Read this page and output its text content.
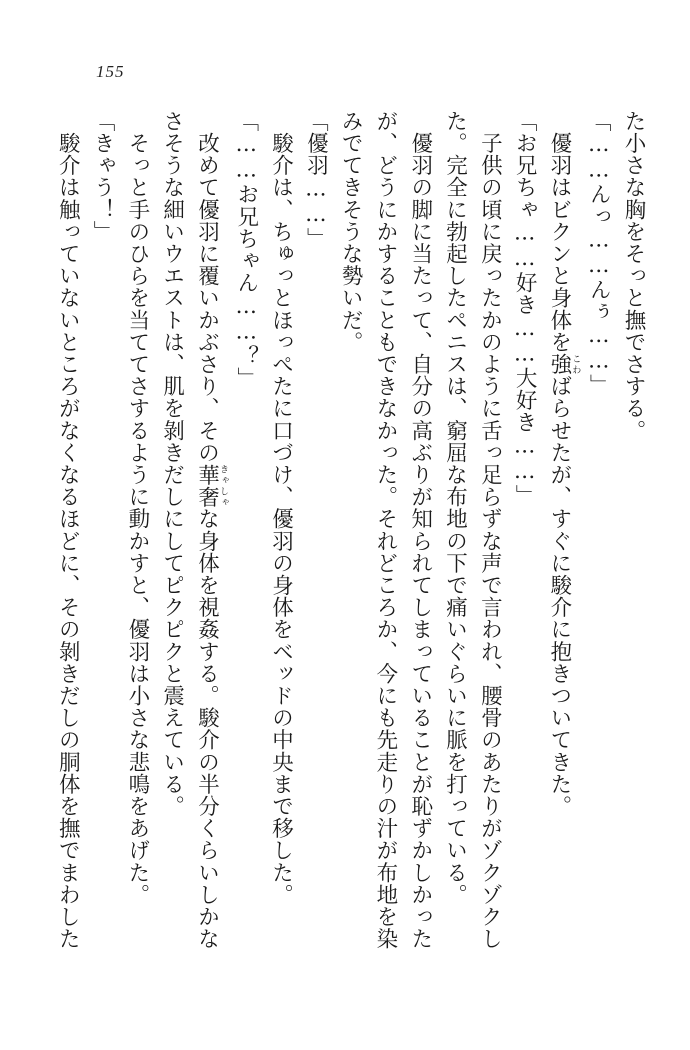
155
た小さな胸をそっと撫でさする。
「……んっ……んぅ……」
　優羽はビクンと身体を強こわばらせたが、すぐに駿介に抱きついてきた。
「お兄ちゃ……好き……大好き……」
　子供の頃に戻ったかのように舌っ足らずな声で言われ、腰骨のあたりがゾクゾクし
た。完全に勃起したペニスは、窮屈な布地の下で痛いぐらいに脈を打っている。
　優羽の脚に当たって、自分の高ぶりが知られてしまっていることが恥ずかしかった
が、どうにかすることもできなかった。それどころか、今にも先走りの汁が布地を染
みでてきそうな勢いだ。
「優羽……」
　駿介は、ちゅっとほっぺたに口づけ、優羽の身体をベッドの中央まで移した。
「……お兄ちゃん……？」
　改めて優羽に覆いかぶさり、その華奢きゃしゃな身体を視姦する。駿介の半分くらいしかな
さそうな細いウエストは、肌を剝きだしにしてピクピクと震えている。
　そっと手のひらを当ててさするように動かすと、優羽は小さな悲鳴をあげた。
「きゃう！」
　駿介は触っていないところがなくなるほどに、その剝きだしの胴体を撫でまわした
